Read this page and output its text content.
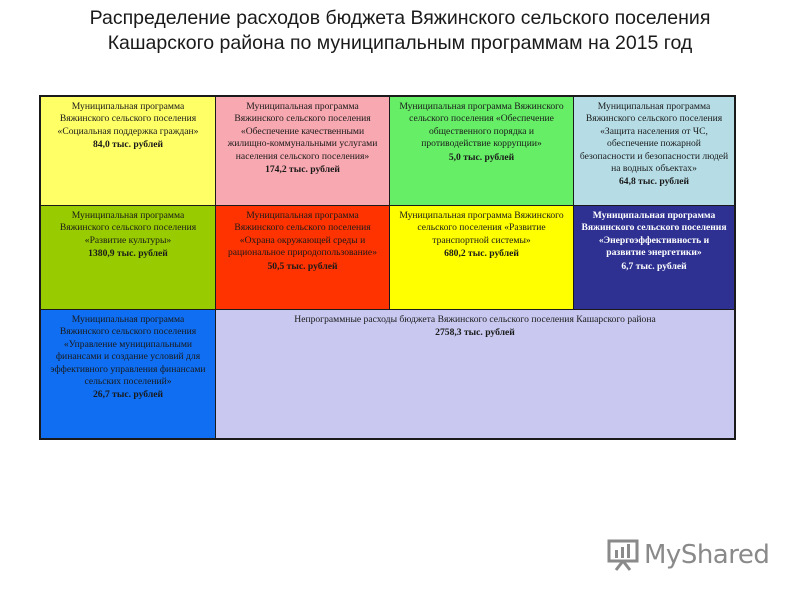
Распределение расходов бюджета Вяжинского сельского поселения Кашарского района по муниципальным программам на 2015 год
Муниципальная программа Вяжинского сельского поселения «Социальная поддержка граждан»
84,0 тыс. рублей
Муниципальная программа Вяжинского сельского поселения «Обеспечение качественными жилищно-коммунальными услугами населения сельского поселения»
174,2 тыс. рублей
Муниципальная программа Вяжинского сельского поселения «Обеспечение общественного порядка и противодействие коррупции»
5,0 тыс. рублей
Муниципальная программа Вяжинского сельского поселения «Защита населения от ЧС, обеспечение пожарной безопасности и безопасности людей на водных объектах»
64,8 тыс. рублей
Муниципальная программа Вяжинского сельского поселения «Развитие культуры»
1380,9 тыс. рублей
Муниципальная программа Вяжинского сельского поселения «Охрана окружающей среды и рациональное природопользование»
50,5 тыс. рублей
Муниципальная программа Вяжинского сельского поселения «Развитие транспортной системы»
680,2 тыс. рублей
Муниципальная программа Вяжинского сельского поселения «Энергоэффективность и развитие энергетики»
6,7 тыс. рублей
Муниципальная программа Вяжинского сельского поселения «Управление муниципальными финансами и создание условий для эффективного управления финансами сельских поселений»
26,7 тыс. рублей
Непрограммные расходы бюджета Вяжинского сельского поселения Кашарского района
2758,3 тыс. рублей
MyShared
